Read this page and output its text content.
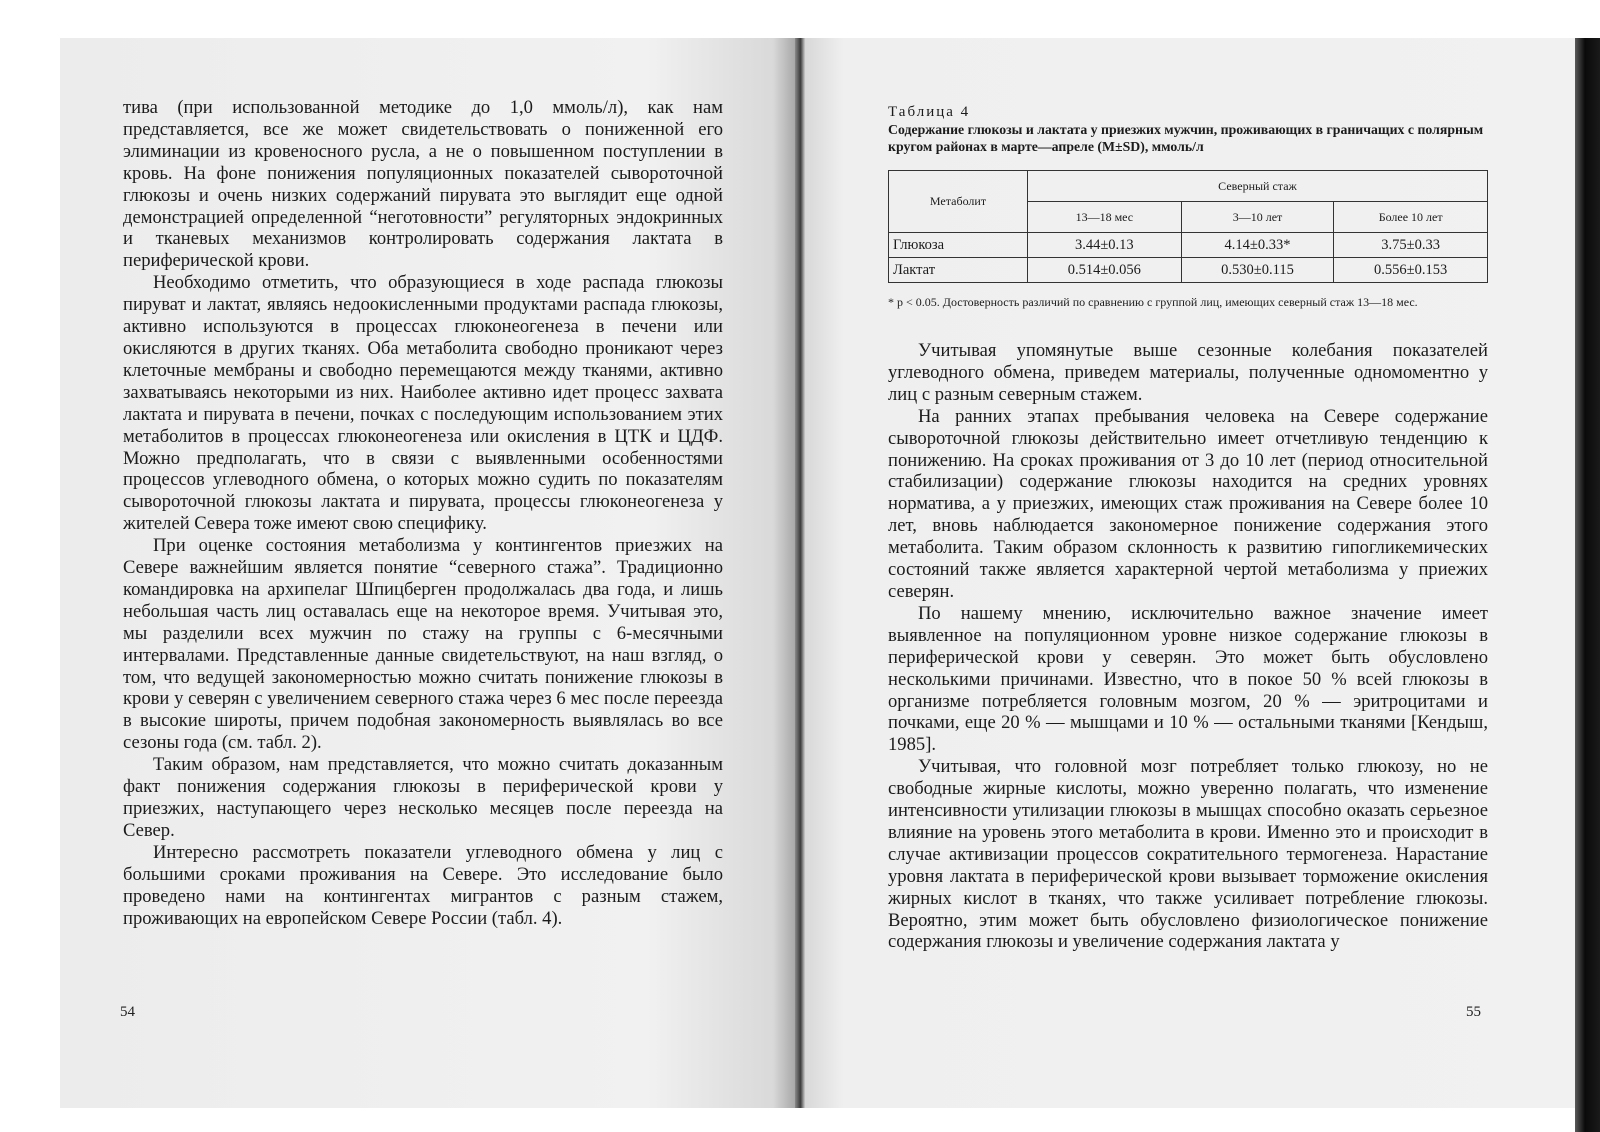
тива (при использованной методике до 1,0 ммоль/л), как нам представляется, все же может свидетельствовать о пониженной его элиминации из кровеносного русла, а не о повышенном поступлении в кровь. На фоне понижения популяционных показателей сывороточной глюкозы и очень низких содержаний пирувата это выглядит еще одной демонстрацией определенной “неготовности” регуляторных эндокринных и тканевых механизмов контролировать содержания лактата в периферической крови.

Необходимо отметить, что образующиеся в ходе распада глюкозы пируват и лактат, являясь недоокисленными продуктами распада глюкозы, активно используются в процессах глюконеогенеза в печени или окисляются в других тканях. Оба метаболита свободно проникают через клеточные мембраны и свободно перемещаются между тканями, активно захватываясь некоторыми из них. Наиболее активно идет процесс захвата лактата и пирувата в печени, почках с последующим использованием этих метаболитов в процессах глюконеогенеза или окисления в ЦТК и ЦДФ. Можно предполагать, что в связи с выявленными особенностями процессов углеводного обмена, о которых можно судить по показателям сывороточной глюкозы лактата и пирувата, процессы глюконеогенеза у жителей Севера тоже имеют свою специфику.

При оценке состояния метаболизма у контингентов приезжих на Севере важнейшим является понятие “северного стажа”. Традиционно командировка на архипелаг Шпицберген продолжалась два года, и лишь небольшая часть лиц оставалась еще на некоторое время. Учитывая это, мы разделили всех мужчин по стажу на группы с 6-месячными интервалами. Представленные данные свидетельствуют, на наш взгляд, о том, что ведущей закономерностью можно считать понижение глюкозы в крови у северян с увеличением северного стажа через 6 мес после переезда в высокие широты, причем подобная закономерность выявлялась во все сезоны года (см. табл. 2).

Таким образом, нам представляется, что можно считать доказанным факт понижения содержания глюкозы в периферической крови у приезжих, наступающего через несколько месяцев после переезда на Север.

Интересно рассмотреть показатели углеводного обмена у лиц с большими сроками проживания на Севере. Это исследование было проведено нами на контингентах мигрантов с разным стажем, проживающих на европейском Севере России (табл. 4).

54
Таблица 4
Содержание глюкозы и лактата у приезжих мужчин, проживающих в граничащих с полярным кругом районах в марте—апреле (M±SD), ммоль/л
Метаболит	Северный стаж		
	13—18 мес	3—10 лет	Более 10 лет
Глюкоза	3.44±0.13	4.14±0.33*	3.75±0.33
Лактат	0.514±0.056	0.530±0.115	0.556±0.153
* p < 0.05. Достоверность различий по сравнению с группой лиц, имеющих северный стаж 13—18 мес.

Учитывая упомянутые выше сезонные колебания показателей углеводного обмена, приведем материалы, полученные одномоментно у лиц с разным северным стажем.

На ранних этапах пребывания человека на Севере содержание сывороточной глюкозы действительно имеет отчетливую тенденцию к понижению. На сроках проживания от 3 до 10 лет (период относительной стабилизации) содержание глюкозы находится на средних уровнях норматива, а у приезжих, имеющих стаж проживания на Севере более 10 лет, вновь наблюдается закономерное понижение содержания этого метаболита. Таким образом склонность к развитию гипогликемических состояний также является характерной чертой метаболизма у приежих северян.

По нашему мнению, исключительно важное значение имеет выявленное на популяционном уровне низкое содержание глюкозы в периферической крови у северян. Это может быть обусловлено несколькими причинами. Известно, что в покое 50 % всей глюкозы в организме потребляется головным мозгом, 20 % — эритроцитами и почками, еще 20 % — мышцами и 10 % — остальными тканями [Кендыш, 1985].

Учитывая, что головной мозг потребляет только глюкозу, но не свободные жирные кислоты, можно уверенно полагать, что изменение интенсивности утилизации глюкозы в мышцах способно оказать серьезное влияние на уровень этого метаболита в крови. Именно это и происходит в случае активизации процессов сократительного термогенеза. Нарастание уровня лактата в периферической крови вызывает торможение окисления жирных кислот в тканях, что также усиливает потребление глюкозы. Вероятно, этим может быть обусловлено физиологическое понижение содержания глюкозы и увеличение содержания лактата у

55
